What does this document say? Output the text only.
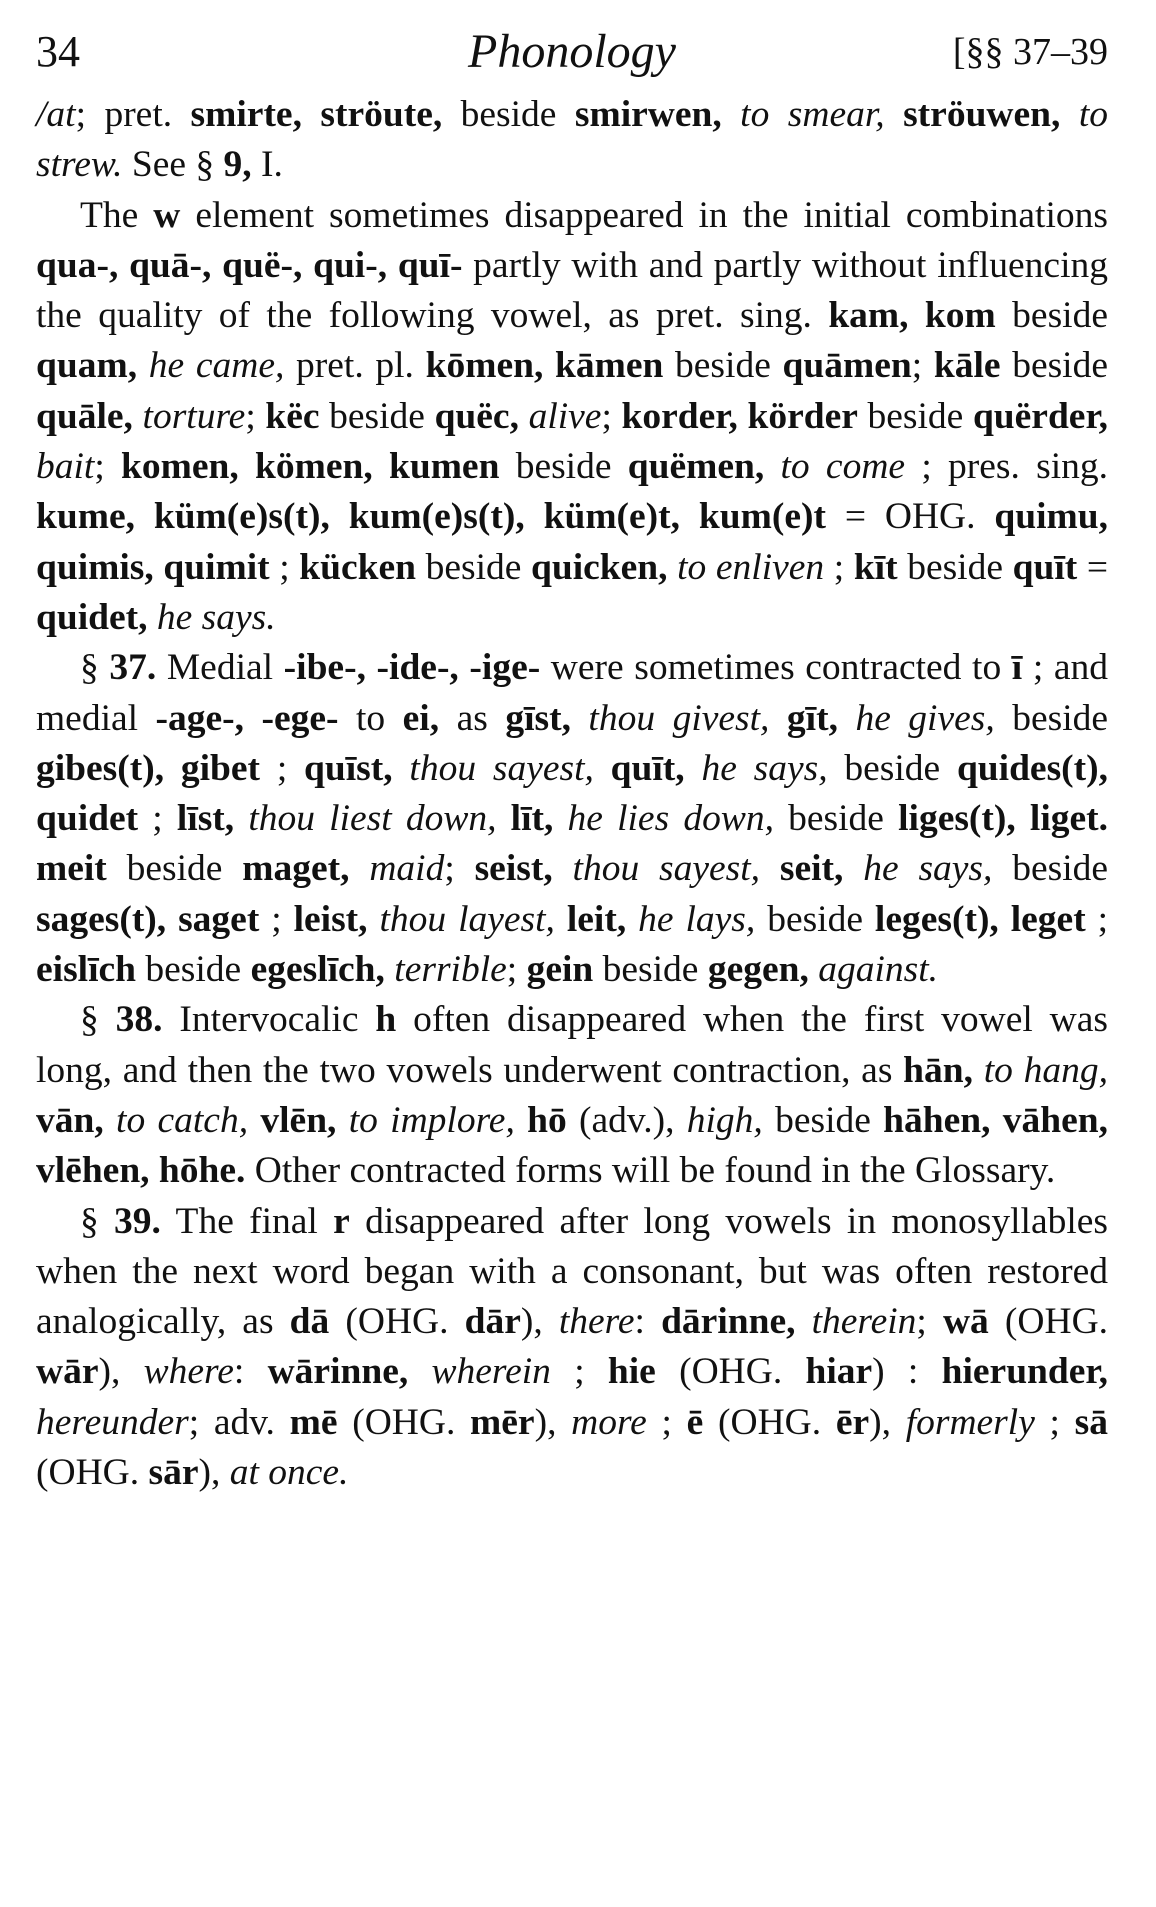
34	Phonology	[§§ 37–39

/at; pret. smirte, ströute, beside smirwen, to smear, ströuwen, to strew. See § 9, I.

The w element sometimes disappeared in the initial combinations qua-, quā-, quë-, qui-, quī- partly with and partly without influencing the quality of the following vowel, as pret. sing. kam, kom beside quam, he came, pret. pl. kōmen, kāmen beside quāmen; kāle beside quāle, torture; këc beside quëc, alive; korder, körder beside quërder, bait; komen, kömen, kumen beside quëmen, to come ; pres. sing. kume, küm(e)s(t), kum(e)s(t), küm(e)t, kum(e)t = OHG. quimu, quimis, quimit ; kücken beside quicken, to enliven ; kīt beside quīt = quidet, he says.

§ 37. Medial -ibe-, -ide-, -ige- were sometimes contracted to ī ; and medial -age-, -ege- to ei, as gīst, thou givest, gīt, he gives, beside gibes(t), gibet ; quīst, thou sayest, quīt, he says, beside quides(t), quidet ; līst, thou liest down, līt, he lies down, beside liges(t), liget. meit beside maget, maid; seist, thou sayest, seit, he says, beside sages(t), saget ; leist, thou layest, leit, he lays, beside leges(t), leget ; eislīch beside egeslīch, terrible; gein beside gegen, against.

§ 38. Intervocalic h often disappeared when the first vowel was long, and then the two vowels underwent contraction, as hān, to hang, vān, to catch, vlēn, to implore, hō (adv.), high, beside hāhen, vāhen, vlēhen, hōhe. Other contracted forms will be found in the Glossary.

§ 39. The final r disappeared after long vowels in monosyllables when the next word began with a consonant, but was often restored analogically, as dā (OHG. dār), there: dārinne, therein; wā (OHG. wār), where: wārinne, wherein ; hie (OHG. hiar) : hierunder, hereunder; adv. mē (OHG. mēr), more ; ē (OHG. ēr), formerly ; sā (OHG. sār), at once.
